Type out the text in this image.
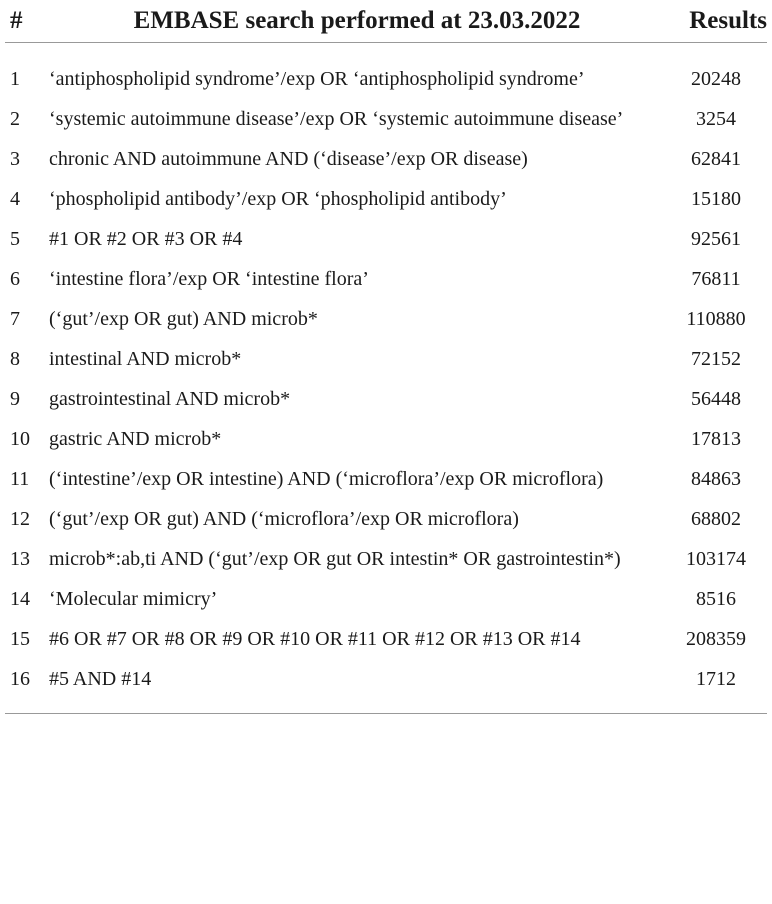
#	EMBASE search performed at 23.03.2022	Results
1	‘antiphospholipid syndrome’/exp OR ‘antiphospholipid syndrome’	20248
2	‘systemic autoimmune disease’/exp OR ‘systemic autoimmune disease’	3254
3	chronic AND autoimmune AND (‘disease’/exp OR disease)	62841
4	‘phospholipid antibody’/exp OR ‘phospholipid antibody’	15180
5	#1 OR #2 OR #3 OR #4	92561
6	‘intestine flora’/exp OR ‘intestine flora’	76811
7	(‘gut’/exp OR gut) AND microb*	110880
8	intestinal AND microb*	72152
9	gastrointestinal AND microb*	56448
10	gastric AND microb*	17813
11	(‘intestine’/exp OR intestine) AND (‘microflora’/exp OR microflora)	84863
12	(‘gut’/exp OR gut) AND (‘microflora’/exp OR microflora)	68802
13	microb*:ab,ti AND (‘gut’/exp OR gut OR intestin* OR gastrointestin*)	103174
14	‘Molecular mimicry’	8516
15	#6 OR #7 OR #8 OR #9 OR #10 OR #11 OR #12 OR #13 OR #14	208359
16	#5 AND #14	1712
